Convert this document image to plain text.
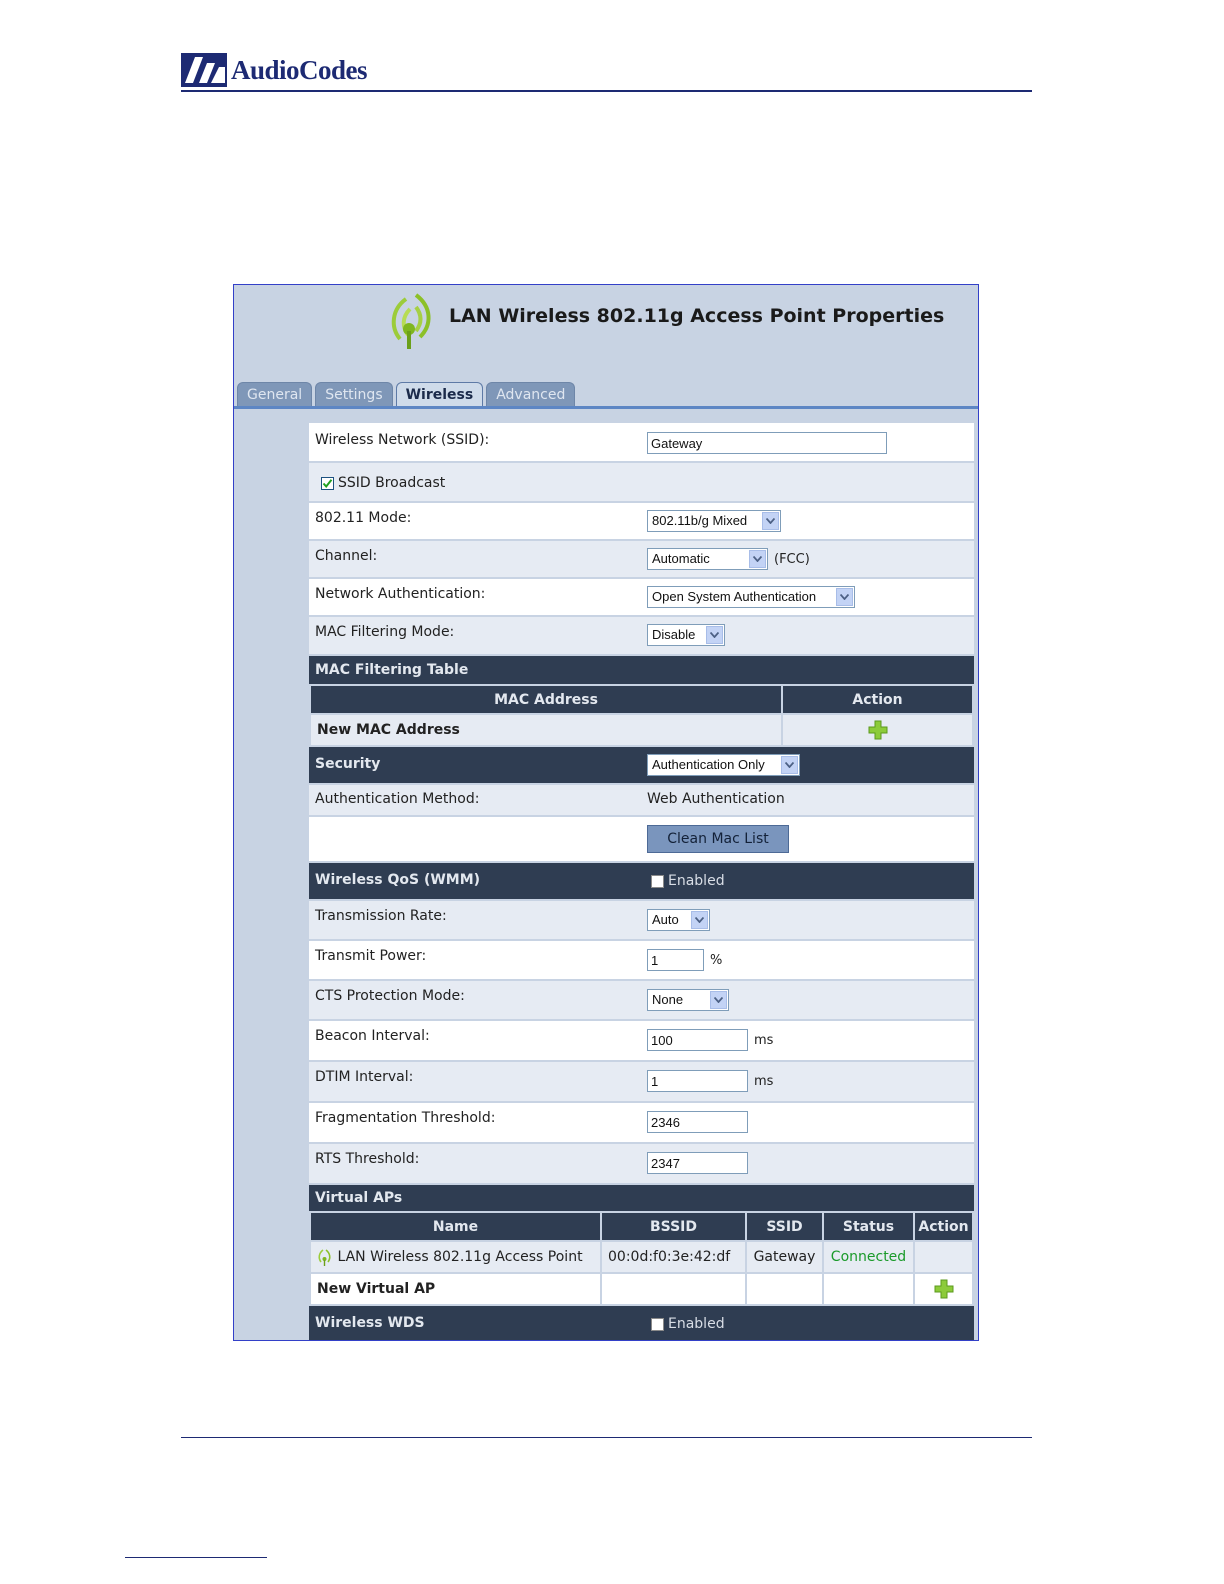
AudioCodes
LAN Wireless 802.11g Access Point Properties
General	Settings	Wireless	Advanced
Wireless Network (SSID):	Gateway
SSID Broadcast
802.11 Mode:	802.11b/g Mixed
Channel:	Automatic	(FCC)
Network Authentication:	Open System Authentication
MAC Filtering Mode:	Disable
MAC Filtering Table
MAC Address	Action
New MAC Address	
Security	Authentication Only
Authentication Method:	Web Authentication
Clean Mac List
Wireless QoS (WMM)	Enabled
Transmission Rate:	Auto
Transmit Power:	1	%
CTS Protection Mode:	None
Beacon Interval:	100	ms
DTIM Interval:	1	ms
Fragmentation Threshold:	2346
RTS Threshold:	2347
Virtual APs
Name	BSSID	SSID	Status	Action
LAN Wireless 802.11g Access Point	00:0d:f0:3e:42:df	Gateway	Connected	
New Virtual AP				
Wireless WDS	Enabled
